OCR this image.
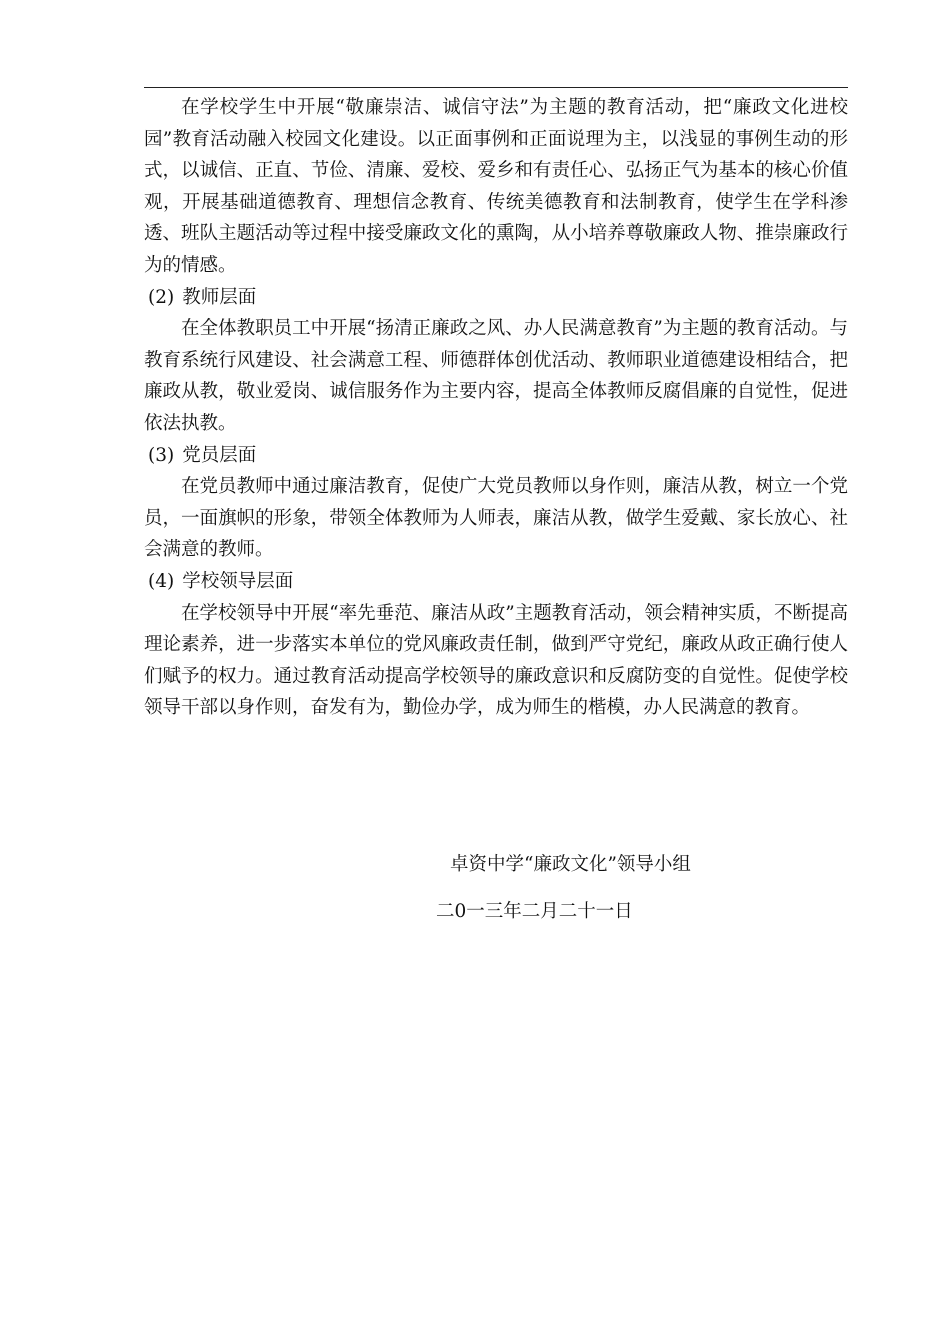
在学校学生中开展“敬廉崇洁、诚信守法”为主题的教育活动，把“廉政文化进校园”教育活动融入校园文化建设。以正面事例和正面说理为主，以浅显的事例生动的形式，以诚信、正直、节俭、清廉、爱校、爱乡和有责任心、弘扬正气为基本的核心价值观，开展基础道德教育、理想信念教育、传统美德教育和法制教育，使学生在学科渗透、班队主题活动等过程中接受廉政文化的熏陶，从小培养尊敬廉政人物、推崇廉政行为的情感。

(2) 教师层面

在全体教职员工中开展“扬清正廉政之风、办人民满意教育”为主题的教育活动。与教育系统行风建设、社会满意工程、师德群体创优活动、教师职业道德建设相结合，把廉政从教，敬业爱岗、诚信服务作为主要内容，提高全体教师反腐倡廉的自觉性，促进依法执教。

(3) 党员层面

在党员教师中通过廉洁教育，促使广大党员教师以身作则，廉洁从教，树立一个党员，一面旗帜的形象，带领全体教师为人师表，廉洁从教，做学生爱戴、家长放心、社会满意的教师。

(4) 学校领导层面

在学校领导中开展“率先垂范、廉洁从政”主题教育活动，领会精神实质，不断提高理论素养，进一步落实本单位的党风廉政责任制，做到严守党纪，廉政从政正确行使人们赋予的权力。通过教育活动提高学校领导的廉政意识和反腐防变的自觉性。促使学校领导干部以身作则，奋发有为，勤俭办学，成为师生的楷模，办人民满意的教育。

卓资中学“廉政文化”领导小组
二0一三年二月二十一日
